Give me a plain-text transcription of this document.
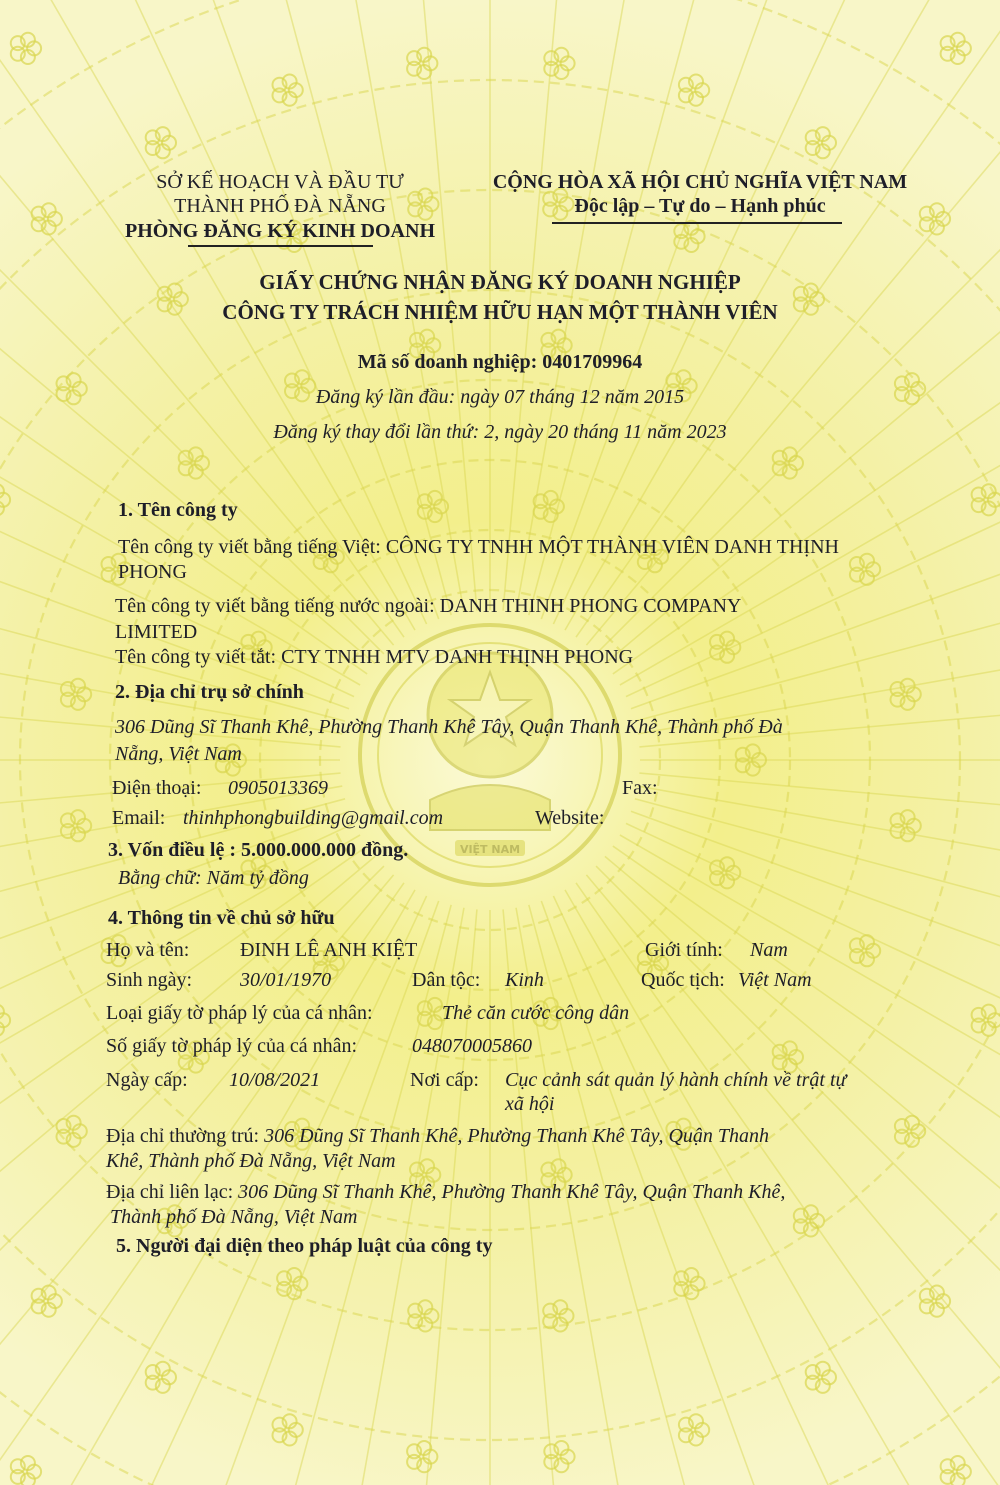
VIỆT NAM
SỞ KẾ HOẠCH VÀ ĐẦU TƯ
THÀNH PHỐ ĐÀ NẴNG
PHÒNG ĐĂNG KÝ KINH DOANH
CỘNG HÒA XÃ HỘI CHỦ NGHĨA VIỆT NAM
Độc lập – Tự do – Hạnh phúc
GIẤY CHỨNG NHẬN ĐĂNG KÝ DOANH NGHIỆP
CÔNG TY TRÁCH NHIỆM HỮU HẠN MỘT THÀNH VIÊN
Mã số doanh nghiệp: 0401709964
Đăng ký lần đầu: ngày 07 tháng 12 năm 2015
Đăng ký thay đổi lần thứ: 2, ngày 20 tháng 11 năm 2023
1. Tên công ty
Tên công ty viết bằng tiếng Việt: CÔNG TY TNHH MỘT THÀNH VIÊN DANH THỊNH
PHONG
Tên công ty viết bằng tiếng nước ngoài: DANH THINH PHONG COMPANY
LIMITED
Tên công ty viết tắt: CTY TNHH MTV DANH THỊNH PHONG
2. Địa chỉ trụ sở chính
306 Dũng Sĩ Thanh Khê, Phường Thanh Khê Tây, Quận Thanh Khê, Thành phố Đà
Nẵng, Việt Nam
Điện thoại: 0905013369	Fax:
Email: thinhphongbuilding@gmail.com	Website:
3. Vốn điều lệ : 5.000.000.000 đồng.
Bằng chữ: Năm tỷ đồng
4. Thông tin về chủ sở hữu
Họ và tên:	ĐINH LÊ ANH KIỆT	Giới tính: Nam
Sinh ngày: 30/01/1970	Dân tộc: Kinh	Quốc tịch: Việt Nam
Loại giấy tờ pháp lý của cá nhân:	Thẻ căn cước công dân
Số giấy tờ pháp lý của cá nhân:	048070005860
Ngày cấp: 10/08/2021	Nơi cấp: Cục cảnh sát quản lý hành chính về trật tự
xã hội
Địa chỉ thường trú: 306 Dũng Sĩ Thanh Khê, Phường Thanh Khê Tây, Quận Thanh
Khê, Thành phố Đà Nẵng, Việt Nam
Địa chỉ liên lạc: 306 Dũng Sĩ Thanh Khê, Phường Thanh Khê Tây, Quận Thanh Khê,
Thành phố Đà Nẵng, Việt Nam
5. Người đại diện theo pháp luật của công ty
